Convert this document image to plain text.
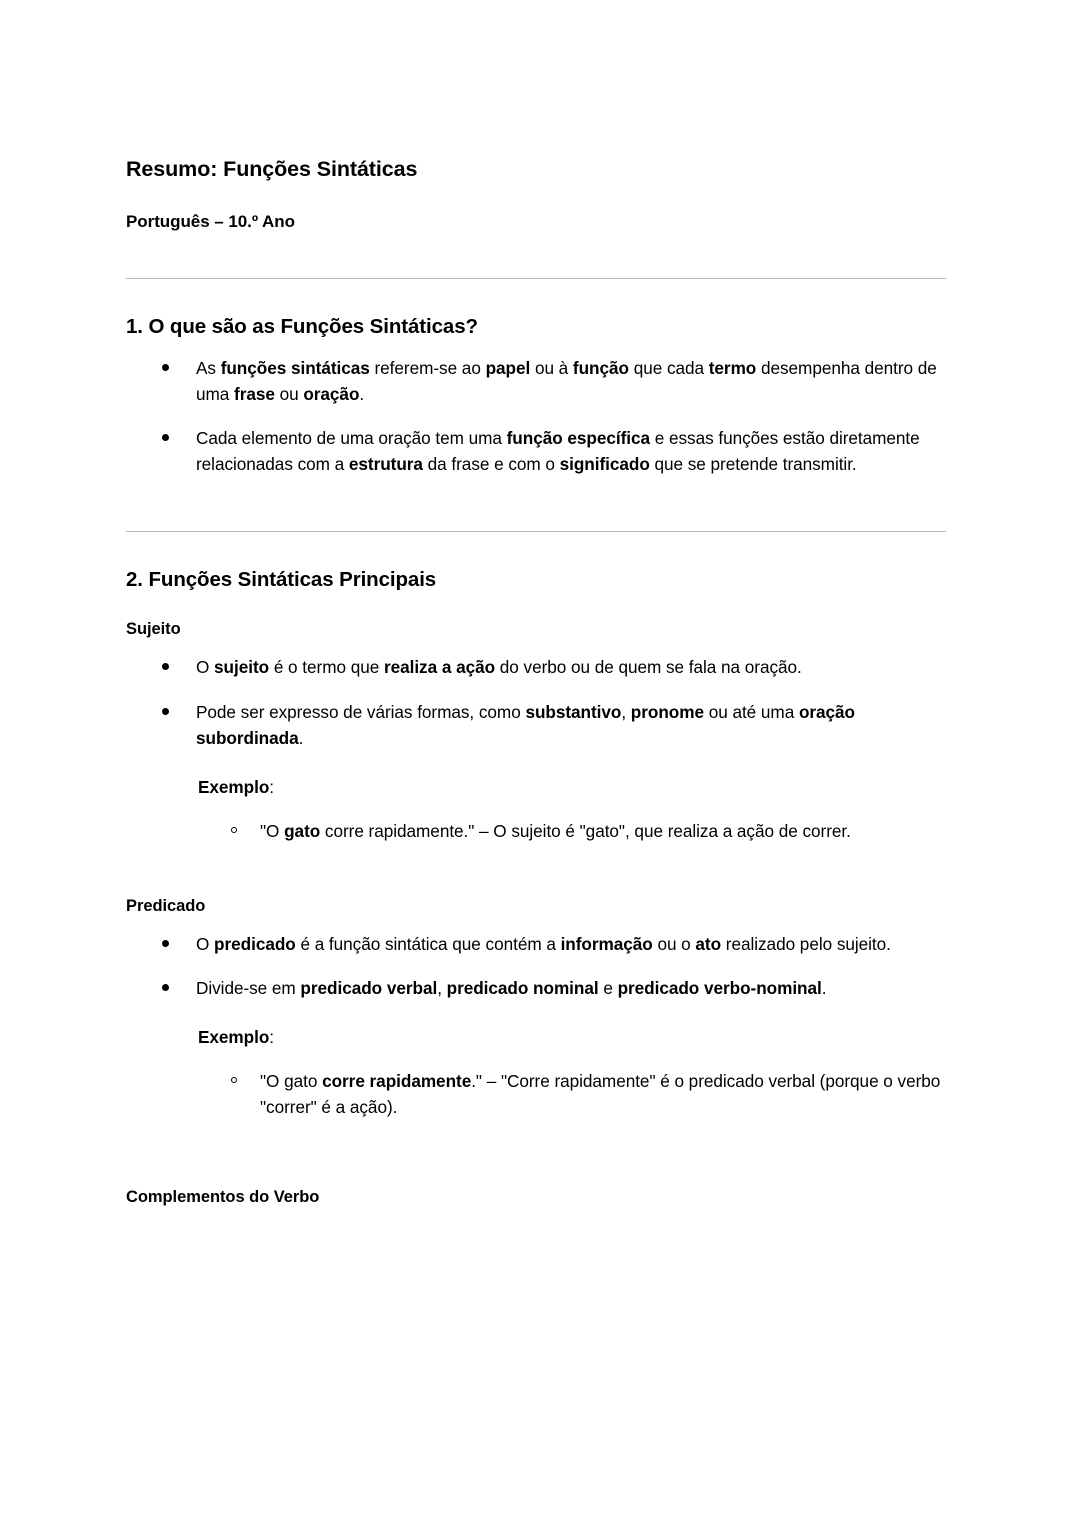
Resumo: Funções Sintáticas
Português – 10.º Ano
1. O que são as Funções Sintáticas?
As funções sintáticas referem-se ao papel ou à função que cada termo desempenha dentro de uma frase ou oração.
Cada elemento de uma oração tem uma função específica e essas funções estão diretamente relacionadas com a estrutura da frase e com o significado que se pretende transmitir.
2. Funções Sintáticas Principais
Sujeito
O sujeito é o termo que realiza a ação do verbo ou de quem se fala na oração.
Pode ser expresso de várias formas, como substantivo, pronome ou até uma oração subordinada.

Exemplo:

"O gato corre rapidamente." – O sujeito é "gato", que realiza a ação de correr.
Predicado
O predicado é a função sintática que contém a informação ou o ato realizado pelo sujeito.
Divide-se em predicado verbal, predicado nominal e predicado verbo-nominal.

Exemplo:

"O gato corre rapidamente." – "Corre rapidamente" é o predicado verbal (porque o verbo "correr" é a ação).
Complementos do Verbo
